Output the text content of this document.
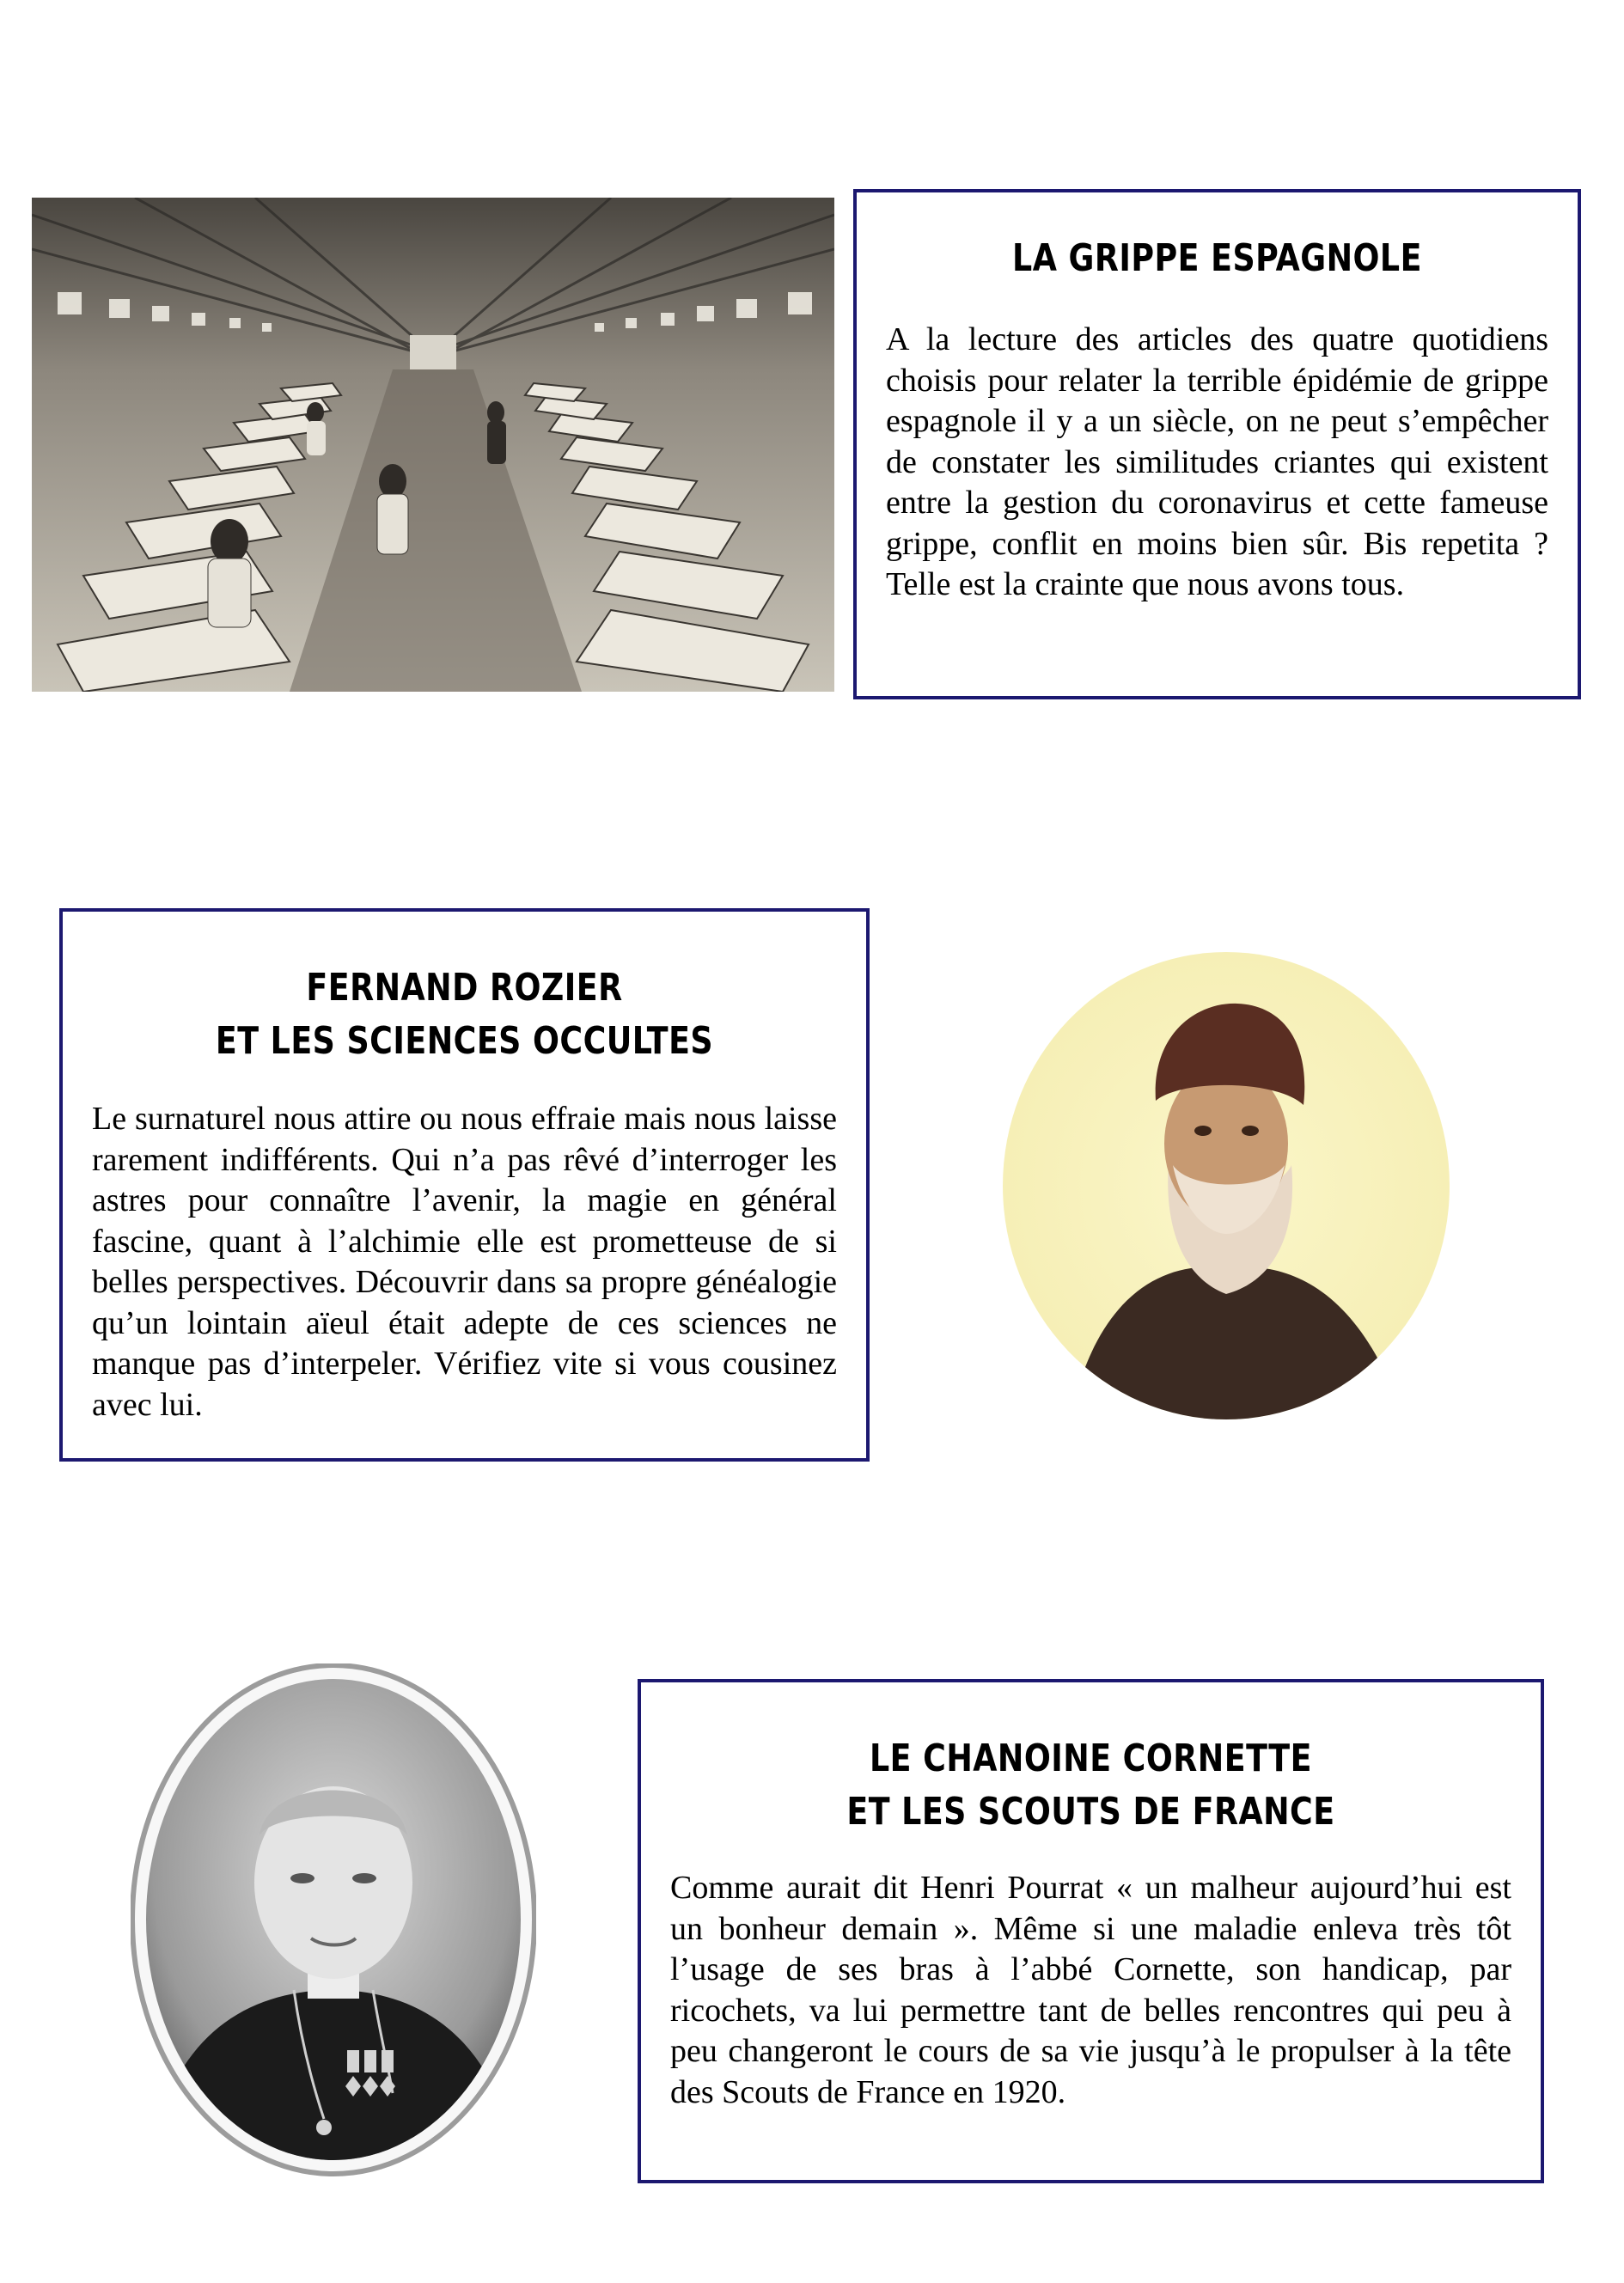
LA GRIPPE ESPAGNOLE

A la lecture des articles des quatre quotidiens choisis pour relater la terrible épidémie de grippe espagnole il y a un siècle, on ne peut s’empêcher de constater les similitudes criantes qui existent entre la gestion du coronavirus et cette fameuse grippe, conflit en moins bien sûr. Bis repetita ? Telle est la crainte que nous avons tous.

FERNAND ROZIER
ET LES SCIENCES OCCULTES

Le surnaturel nous attire ou nous effraie mais nous laisse rarement indifférents. Qui n’a pas rêvé d’interroger les astres pour connaître l’avenir, la magie en général fascine, quant à l’alchimie elle est prometteuse de si belles perspectives. Découvrir dans sa propre généalogie qu’un lointain aïeul était adepte de ces sciences ne manque pas d’interpeler. Vérifiez vite si vous cousinez avec lui.

LE CHANOINE CORNETTE
ET LES SCOUTS DE FRANCE

Comme aurait dit Henri Pourrat « un malheur aujourd’hui est un bonheur demain ». Même si une maladie enleva très tôt l’usage de ses bras à l’abbé Cornette, son handicap, par ricochets, va lui permettre tant de belles rencontres qui peu à peu changeront le cours de sa vie jusqu’à le propulser à la tête des Scouts de France en 1920.
